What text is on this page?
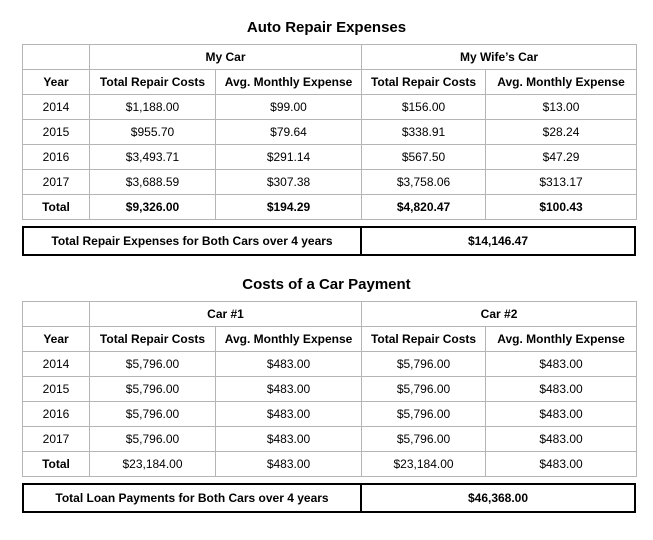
Auto Repair Expenses
	My Car		My Wife’s Car	
Year	Total Repair Costs	Avg. Monthly Expense	Total Repair Costs	Avg. Monthly Expense
2014	$1,188.00	$99.00	$156.00	$13.00
2015	$955.70	$79.64	$338.91	$28.24
2016	$3,493.71	$291.14	$567.50	$47.29
2017	$3,688.59	$307.38	$3,758.06	$313.17
Total	$9,326.00	$194.29	$4,820.47	$100.43
Total Repair Expenses for Both Cars over 4 years	$14,146.47
Costs of a Car Payment
	Car #1		Car #2	
Year	Total Repair Costs	Avg. Monthly Expense	Total Repair Costs	Avg. Monthly Expense
2014	$5,796.00	$483.00	$5,796.00	$483.00
2015	$5,796.00	$483.00	$5,796.00	$483.00
2016	$5,796.00	$483.00	$5,796.00	$483.00
2017	$5,796.00	$483.00	$5,796.00	$483.00
Total	$23,184.00	$483.00	$23,184.00	$483.00
Total Loan Payments for Both Cars over 4 years	$46,368.00
